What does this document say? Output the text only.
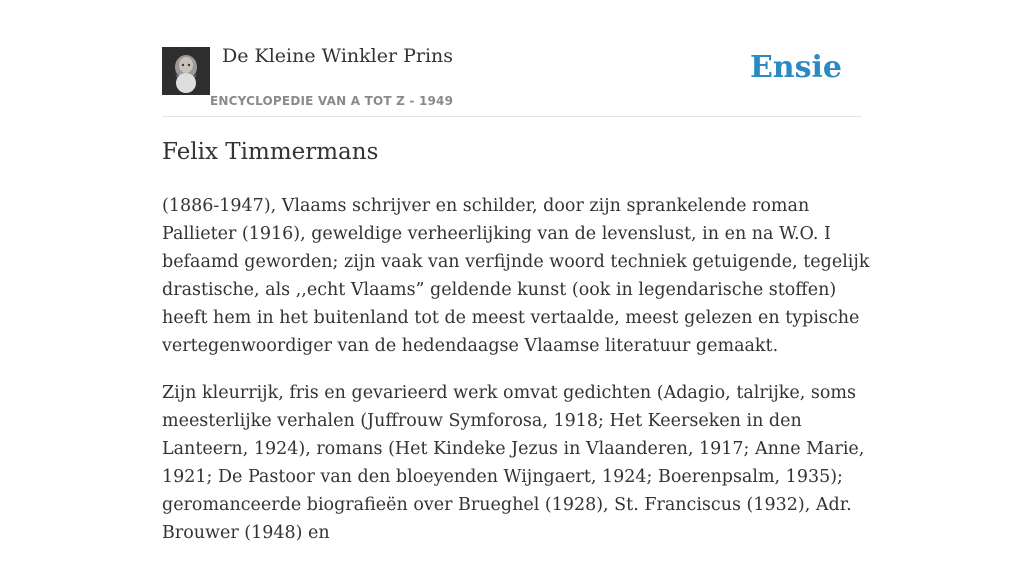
De Kleine Winkler Prins
ENCYCLOPEDIE VAN A TOT Z - 1949
Ensie
Felix Timmermans

(1886-1947), Vlaams schrijver en schilder, door zijn sprankelende roman Pallieter (1916), geweldige verheerlijking van de levenslust, in en na W.O. I befaamd geworden; zijn vaak van verfijnde woord techniek getuigende, tegelijk drastische, als ,,echt Vlaams” geldende kunst (ook in legendarische stoffen) heeft hem in het buitenland tot de meest vertaalde, meest gelezen en typische vertegenwoordiger van de hedendaagse Vlaamse literatuur gemaakt.

Zijn kleurrijk, fris en gevarieerd werk omvat gedichten (Adagio, talrijke, soms meesterlijke verhalen (Juffrouw Symforosa, 1918; Het Keerseken in den Lanteern, 1924), romans (Het Kindeke Jezus in Vlaanderen, 1917; Anne Marie, 1921; De Pastoor van den bloeyenden Wijngaert, 1924; Boerenpsalm, 1935); geromanceerde biografieën over Brueghel (1928), St. Franciscus (1932), Adr. Brouwer (1948) en
